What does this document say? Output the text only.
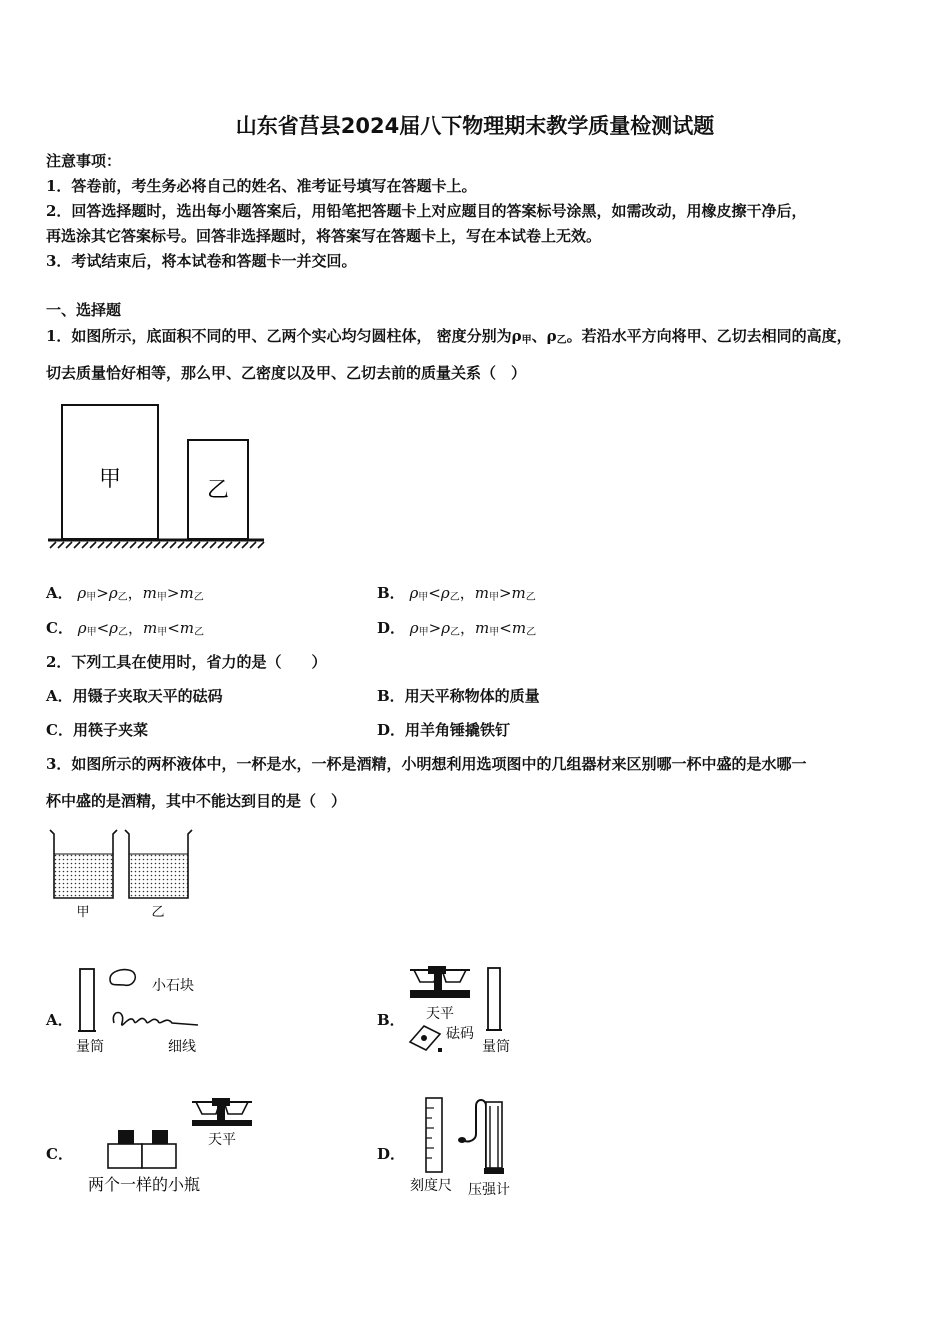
山东省莒县2024届八下物理期末教学质量检测试题
注意事项：
1．答卷前，考生务必将自己的姓名、准考证号填写在答题卡上。
2．回答选择题时，选出每小题答案后，用铅笔把答题卡上对应题目的答案标号涂黑，如需改动，用橡皮擦干净后，
再选涂其它答案标号。回答非选择题时，将答案写在答题卡上，写在本试卷上无效。
3．考试结束后，将本试卷和答题卡一并交回。
一、选择题
1．如图所示，底面积不同的甲、乙两个实心均匀圆柱体， 密度分别为$\rho_甲$、$\rho_乙$。若沿水平方向将甲、乙切去相同的高度，
切去质量恰好相等，那么甲、乙密度以及甲、乙切去前的质量关系（　）
甲	乙
A． $\rho_甲>\rho_乙$，$m_甲>m_乙$	B． $\rho_甲<\rho_乙$，$m_甲>m_乙$
C． $\rho_甲<\rho_乙$，$m_甲<m_乙$	D． $\rho_甲>\rho_乙$，$m_甲<m_乙$
2．下列工具在使用时，省力的是（　　）
A．用镊子夹取天平的砝码	B．用天平称物体的质量
C．用筷子夹菜	D．用羊角锤撬铁钉
3．如图所示的两杯液体中，一杯是水，一杯是酒精，小明想利用选项图中的几组器材来区别哪一杯中盛的是水哪一
杯中盛的是酒精，其中不能达到目的是（　）
甲	乙
A．
小石块
量筒	细线
B． 天平
砝码
量筒
C．
天平
两个一样的小瓶
D．
刻度尺 压强计
